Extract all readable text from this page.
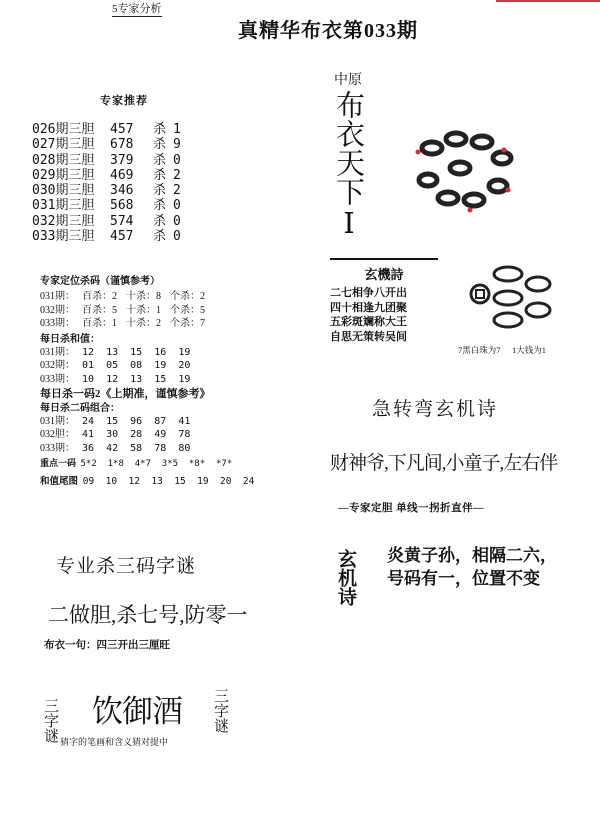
5专家分析
真精华布衣第033期
专家推荐
026期三胆 457 杀 1
027期三胆 678 杀 9
028期三胆 379 杀 0
029期三胆 469 杀 2
030期三胆 346 杀 2
031期三胆 568 杀 0
032期三胆 574 杀 0
033期三胆 457 杀 0
专家定位杀码（谨慎参考）
031期： 百杀：2 十杀：8 个杀：2
032期： 百杀：5 十杀：1 个杀：5
033期： 百杀：1 十杀：2 个杀：7
每日杀和值：
031期： 12  13  15  16  19
032期： 01  05  08  19  20
033期： 10  12  13  15  19
每日杀一码2《上期准，谨慎参考》
每日杀二码组合：
031期： 24  15  96  87  41
032胆： 41  30  28  49  78
033期： 36  42  58  78  80
重点一码 5*2  1*8  4*7  3*5  *8*  *7*
和值尾图 09  10  12  13  15  19  20  24
专业杀三码字谜
二做胆,杀七号,防零一
布衣一句：四三开出三厘旺
三字谜 饮御酒 三字谜
猜字的笔画和含义猜对提中
中原
布衣天下Ⅰ
玄機詩
二七相争八开出
四十相逢九团聚
五彩斑斓称大王
自思无策转吴间
7黑白珠为7 1大钱为1
急转弯玄机诗
财神爷,下凡间,小童子,左右伴
—专家定胆 单线一拐折直伴—
玄机诗 炎黄子孙，相隔二六，
号码有一，位置不变
